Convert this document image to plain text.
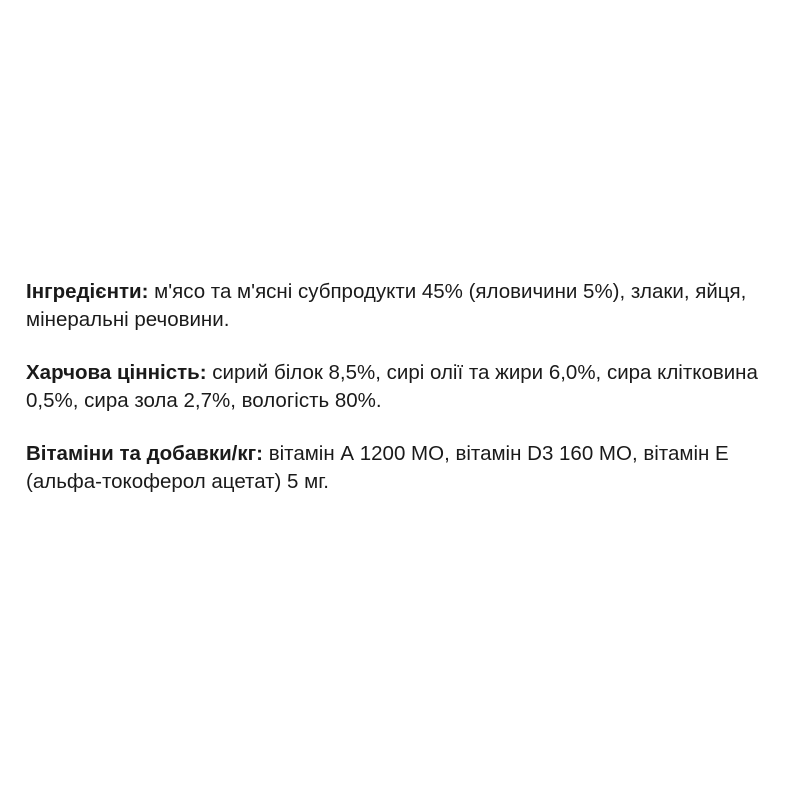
Інгредієнти: м'ясо та м'ясні субпродукти 45% (яловичини 5%), злаки, яйця, мінеральні речовини.

Харчова цінність: сирий білок 8,5%, сирі олії та жири 6,0%, сира клітковина 0,5%, сира зола 2,7%, вологість 80%.

Вітаміни та добавки/кг: вітамін А 1200 МО, вітамін D3 160 МО, вітамін Е (альфа-токоферол ацетат) 5 мг.
